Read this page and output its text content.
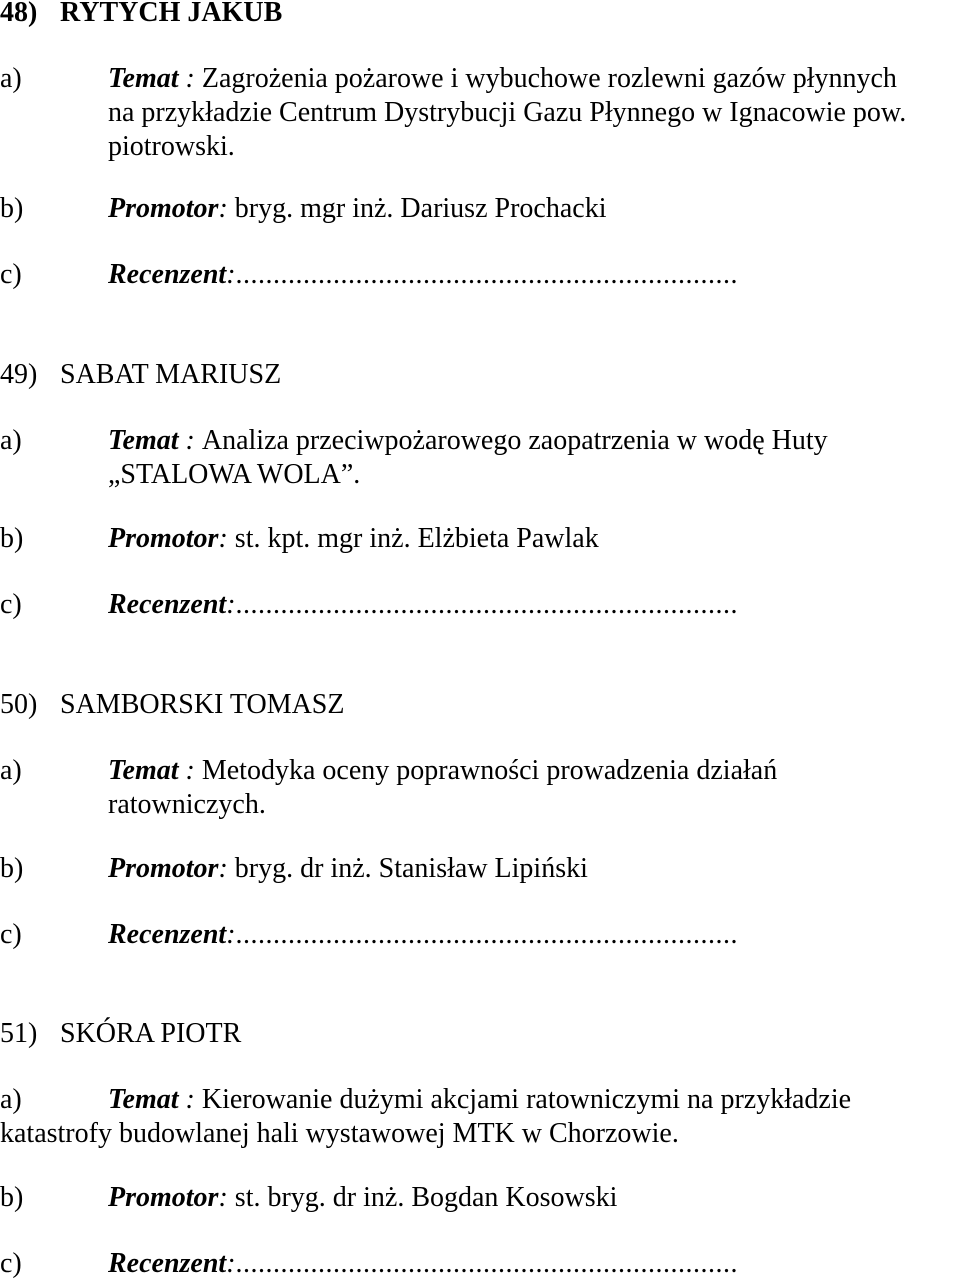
48) RYTYCH JAKUB
a)	Temat : Zagrożenia pożarowe i wybuchowe rozlewni gazów płynnych
na przykładzie Centrum Dystrybucji Gazu Płynnego w Ignacowie pow.
piotrowski.
b)	Promotor: bryg. mgr inż. Dariusz Prochacki
c)	Recenzent:...................................................................
49) SABAT MARIUSZ
a)	Temat : Analiza przeciwpożarowego zaopatrzenia w wodę Huty
„STALOWA WOLA”.
b)	Promotor: st. kpt. mgr inż. Elżbieta Pawlak
c)	Recenzent:...................................................................
50) SAMBORSKI TOMASZ
a)	Temat : Metodyka oceny poprawności prowadzenia działań
ratowniczych.
b)	Promotor: bryg. dr inż. Stanisław Lipiński
c)	Recenzent:...................................................................
51) SKÓRA PIOTR
a)	Temat : Kierowanie dużymi akcjami ratowniczymi na przykładzie
katastrofy budowlanej hali wystawowej MTK w Chorzowie.
b)	Promotor: st. bryg. dr inż. Bogdan Kosowski
c)	Recenzent:...................................................................
